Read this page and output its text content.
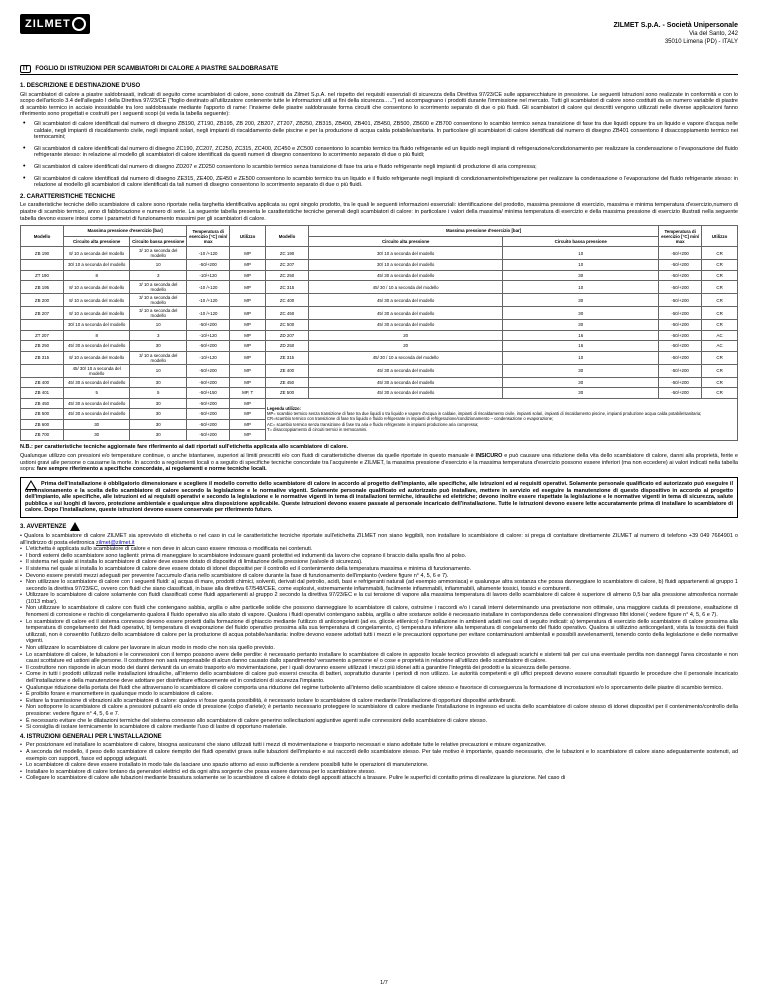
ZILMET	ZILMET S.p.A. - Società Unipersonale
Via del Santo, 242
35010 Limena (PD) - ITALY
IT	FOGLIO DI ISTRUZIONI PER SCAMBIATORI DI CALORE A PIASTRE SALDOBRASATE
1. DESCRIZIONE E DESTINAZIONE D'USO

Gli scambiatori di calore a piastre saldobrasati, indicati di seguito come scambiatori di calore, sono costruiti da Zilmet S.p.A. nel rispetto dei requisiti essenziali di sicurezza della Direttiva 97/23/CE sulle apparecchiature in pressione. Le seguenti istruzioni sono realizzate in conformità e con lo scopo dell'articolo 3.4 dell'allegato I della Direttiva 97/23/CE ("foglio destinato all'utilizzatore contenente tutte le informazioni utili ai fini della sicurezza…..") ed accompagnano i prodotti durante l'immissione nel mercato. Tutti gli scambiatori di calore sono costituiti da un numero variabile di piastre di scambio termico in acciaio inossidabile tra loro saldobrasate mediante l'apporto di rame: l'insieme delle piastre saldobrasate forma circuiti che consentono lo scorrimento separato di due o più fluidi. Gli scambiatori di calore qui descritti vengono utilizzati nelle diverse applicazioni fanno riferimento sono progettati e costruiti per i seguenti scopi (si veda la tabella seguente):

• Gli scambiatori di calore identificati dal numero di disegno ZB190, ZT190, ZB195, ZB 200, ZB207, ZT207, ZB250, ZB315, ZB400, ZB401, ZB450, ZB500, ZB600 e ZB700 consentono lo scambio termico senza transizione di fase tra due liquidi oppure tra un liquido e vapore d'acqua nelle caldaie, negli impianti di riscaldamento civile, negli impianti solari, negli impianti di riscaldamento delle piscine e per la produzione di acqua calda potabile/sanitaria. In particolare gli scambiatori di calore identificati dal numero di disegno ZB401 consentono il disaccoppiamento termico nei termocamini;
• Gli scambiatori di calore identificati dal numero di disegno ZC190, ZC207, ZC250, ZC315, ZC400, ZC450 e ZC500 consentono lo scambio termico tra fluido refrigerante ed un liquido negli impianti di refrigerazione/condizionamento per realizzare la condensazione o l'evaporazione del fluido refrigerante stesso: in relazione al modello gli scambiatori di calore identificati da questi numeri di disegno consentono lo scorrimento separato di due o più fluidi;
• Gli scambiatori di calore identificati dal numero di disegno ZD207 e ZD250 consentono lo scambio termico senza transizione di fase tra aria e fluido refrigerante negli impianti di produzione di aria compressa;
• Gli scambiatori di calore identificati dal numero di disegno ZE315, ZE400, ZE450 e ZE500 consentono lo scambio termico tra un liquido e il fluido refrigerante negli impianti di condizionamento/refrigerazione per realizzare la condensazione o l'evaporazione del fluido refrigerante stesso: in relazione al modello gli scambiatori di calore identificati da tali numeri di disegno consentono lo scorrimento separato di due o più fluidi.
2. CARATTERISTICHE TECNICHE

Le caratteristiche tecniche dello scambiatore di calore sono riportate nella targhetta identificativa applicata su ogni singolo prodotto, tra le quali le seguenti informazioni essenziali: identificazione del prodotto, massima pressione di esercizio, massima e minima temperatura d'esercizio,numero di piastre di scambio termico, anno di fabbricazione e numero di serie. La seguente tabella presenta le caratteristiche tecniche generali degli scambiatori di calore: in particolare i valori della massima/ minima temperatura di esercizio e della massima pressione di esercizio illustrati nella seguente tabella devono essere intesi come i parametri di funzionamento massimi per gli scambiatori di calore.

Modello	Massima pressione d'esercizio [bar]		Temperatura di esercizio [°C] min/ max	Utilizzo	Modello	Massima pressione d'esercizio [bar]		Temperatura di esercizio [°C] min/ max	Utilizzo
	Circuito alta pressione	Circuito bassa pressione				Circuito alta pressione	Circuito bassa pressione		
ZB 190	8/ 10 a seconda del modello	3/ 10 a seconda del modello	-10 /+120	MP	ZC 190	30/ 10 a seconda del modello	10	-50/+200	CR
	30/ 10 a seconda del modello	10	-50/+200	MP	ZC 207	30/ 10 a seconda del modello	10	-50/+200	CR
ZT 190	8	3	-10/+120	MP	ZC 250	45/ 30 a seconda del modello	30	-50/+200	CR
ZB 195	8/ 10 a seconda del modello	3/ 10 a seconda del modello	-10 /+120	MP	ZC 315	45/ 30 / 10 a seconda del modello	10	-50/+200	CR
ZB 200	8/ 10 a seconda del modello	3/ 10 a seconda del modello	-10 /+120	MP	ZC 400	45/ 30 a seconda del modello	30	-50/+200	CR
ZB 207	8/ 10 a seconda del modello	3/ 10 a seconda del modello	-10 /+120	MP	ZC 450	45/ 30 a seconda del modello	30	-50/+200	CR
	30/ 10 a seconda del modello	10	-50/+200	MP	ZC 500	45/ 30 a seconda del modello	30	-50/+200	CR
ZT 207	8	3	-10/+120	MP	ZD 207	20	16	-50/+200	AC
ZB 250	45/ 30 a seconda del modello	30	-50/+200	MP	ZD 250	20	16	-50/+200	AC
ZB 315	8/ 10 a seconda del modello	3/ 10 a seconda del modello	-10/+120	MP	ZE 315	45/ 30 / 10 a seconda del modello	10	-50/+200	CR
	45/ 30/ 10 a seconda del modello	10	-50/+200	MP	ZE 400	45/ 30 a seconda del modello	30	-50/+200	CR
ZB 400	45/ 30 a seconda del modello	30	-50/+200	MP	ZE 450	45/ 30 a seconda del modello	30	-50/+200	CR
ZB 401	5	5	-50/+150	MP, T	ZE 500	45/ 30 a seconda del modello	30	-50/+200	CR
ZB 450	45/ 30 a seconda del modello	30	-50/+200	MP	Legenda utilizzo:
MP= scambio termico senza transizione di fase tra due liquidi o tra liquido e vapore d'acqua in caldaie, impianti di riscaldamento civile, impianti solari, impianti di riscaldamento piscine, impianti produzione acqua calda potabile/sanitaria;
CR=scambio termico con transizione di fase tra liquido e fluido refrigerante in impianti di refrigerazione/condizionamento – condensazione o evaporazione;
AC= scambio termico senza transizione di fase tra aria e fluido refrigerante in impianti produzione aria compressa;
T= disaccoppiamento di circuiti termici in termocamini.				

ZB 500	45/ 30 a seconda del modello	30	-50/+200	MP					
ZB 600	30	30	-50/+200	MP					
ZB 700	30	30	-50/+200	MP					

N.B.: per caratteristiche tecniche aggiornate fare riferimento ai dati riportati sull'etichetta applicata allo scambiatore di calore.

Qualunque utilizzo con pressioni e/o temperature continue, o anche istantanee, superiori ai limiti prescritti e/o con fluidi di caratteristiche diverse da quelle riportate in questo manuale è INSICURO e può causare una riduzione della vita dello scambiatore di calore, danni alla proprietà, ferite e ustioni gravi alle persone o causarne la morte. In accordo a regolamenti locali o a seguito di specifiche tecniche concordate tra l'acquirente e ZILMET, la massima pressione d'esercizio e la massima temperatura d'esercizio possono essere inferiori (ma non eccedere) ai valori indicati nella tabella sopra: fare sempre riferimento a specifiche concordate, ai regolamenti e norme tecniche locali.

Prima dell'installazione è obbligatorio dimensionare e scegliere il modello corretto dello scambiatore di calore in accordo al progetto dell'impianto, alle specifiche, alle istruzioni ed ai requisiti operativi. Solamente personale qualificato ed autorizzato può eseguire il dimensionamento e la scelta dello scambiatore di calore secondo la legislazione e le normative vigenti. Solamente personale qualificato ed autorizzato può installare, mettere in servizio ed eseguire la manutenzione di questo dispositivo in accordo al progetto dell'impianto, alle specifiche, alle istruzioni ed ai requisiti operativi e secondo la legislazione e le normative vigenti in tema di installazioni termiche, idrauliche ed elettriche; devono inoltre essere rispettate la legislazione e le normative vigenti in tema di sicurezza, salute pubblica e sui luoghi di lavoro, protezione ambientale e qualunque altra disposizione applicabile. Queste istruzioni devono essere passate al personale incaricato dell'installazione. Tutte le istruzioni devono essere lette accuratamente prima di installare lo scambiatore di calore. Dopo l'installazione, queste istruzioni devono essere conservate per riferimento futuro.
3. AVVERTENZE

• Qualora lo scambiatore di calore ZILMET sia sprovvisto di etichetta o nel caso in cui le caratteristiche tecniche riportate sull'etichetta ZILMET non siano leggibili, non installare lo scambiatore di calore: si prega di contattare direttamente ZILMET al numero di telefono +39 049 7664901 o all'indirizzo di posta elettronica zilmet@zilmet.it

• L'etichetta è applicata sullo scambiatore di calore e non deve in alcun caso essere rimossa o modificata nei contenuti.
• I bordi esterni dello scambiatore sono taglienti: prima di maneggiare lo scambiatore indossare guanti protettivi ed indumenti da lavoro che coprano il braccio dalla spalla fino al polso.
• Il sistema nel quale si installa lo scambiatore di calore deve essere dotato di dispositivi di limitazione della pressione (valvole di sicurezza).
• Il sistema nel quale si installa lo scambiatore di calore deve essere dotato di idonei dispositivi per il controllo ed il contenimento della temperatura massima e minima di funzionamento.
• Devono essere previsti mezzi adeguati per prevenire l'accumulo d'aria nello scambiatore di calore durante la fase di funzionamento dell'impianto (vedere figure n° 4, 5, 6 e 7).
• Non utilizzare lo scambiatore di calore con i seguenti fluidi: a) acqua di mare, prodotti chimici, solventi, derivati dal petrolio, acidi, basi e refrigeranti naturali (ad esempio ammoniaca) e qualunque altra sostanza che possa danneggiare lo scambiatore di calore, b) fluidi appartenenti al gruppo 1 secondo la direttiva 97/23/EC, ovvero con fluidi che siano classificati, in base alla direttiva 67/548/CEE, come esplosivi, estremamente infiammabili, facilmente infiammabili, infiammabili, altamente tossici, tossici e comburenti.
• Utilizzare lo scambiatore di calore solamente con fluidi classificati come fluidi appartenenti al gruppo 2 secondo la direttiva 97/23/EC e la cui tensione di vapore alla massima temperatura di lavoro dello scambiatore di calore è superiore di almeno 0,5 bar alla pressione atmosferica normale (1013 mbar).
• Non utilizzare lo scambiatore di calore con fluidi che contengano sabbia, argilla o altre particelle solide che possono danneggiare lo scambiatore di calore, ostruirne i raccordi e/o i canali interni determinando una prestazione non ottimale, una maggiore caduta di pressione, esaltazione di fenomeni di corrosione e rischio di congelamento qualora il fluido operativo sia allo stato di vapore. Qualora i fluidi operativi contengano sabbia, argilla o altre sostanze solide è necessario installare in corrispondenza delle connessioni d'ingresso filtri idonei ( vedere figure n° 4, 5, 6 e 7).
• Lo scambiatore di calore ed il sistema connesso devono essere protetti dalla formazione di ghiaccio mediante l'utilizzo di anticongelanti (ad es. glicole etilenico) o l'installazione in ambienti adatti nei casi di seguito indicati: a) temperatura di esercizio dello scambiatore di calore prossima alla temperatura di congelamento dei fluidi operativi, b) temperatura di evaporazione del fluido operativo prossima alla sua temperatura di congelamento, c) temperatura inferiore alla temperatura di congelamento del fluido operativo. Qualora si utilizzino anticongelanti, vista la tossicità dei fluidi utilizzati, non è consentito l'utilizzo dello scambiatore di calore per la produzione di acqua potabile/sanitaria: inoltre devono essere adottati tutti i mezzi e le precauzioni opportune per evitare contaminazioni ambientali e possibili avvelenamenti, tenendo conto della legislazione e delle normative vigenti.
• Non utilizzare lo scambiatore di calore per lavorare in alcun modo in modo che non sia quello previsto.
• Lo scambiatore di calore, le tubazioni e le connessioni con il tempo possono avere delle perdite: è necessario pertanto installare lo scambiatore di calore in apposito locale tecnico provvisto di adeguati scarichi e sistemi tali per cui una eventuale perdita non danneggi l'area circostante e non causi scottature ed ustioni alle persone. Il costruttore non sarà responsabile di alcun danno causato dallo spandimento/ versamento a persone e/ o cose e proprietà in relazione all'utilizzo dello scambiatore di calore.
• Il costruttore non risponde in alcun modo dei danni derivanti da un errato trasporto e/o movimentazione, per i quali dovranno essere utilizzati i mezzi più idonei atti a garantire l'integrità dei prodotti e la sicurezza delle persone.
• Come in tutti i prodotti utilizzati nelle installazioni idrauliche, all'interno dello scambiatore di calore può essersi crescita di batteri, soprattutto durante i periodi di non utilizzo. Le autorità competenti e gli uffici preposti devono essere consultati riguardo le procedure che il personale incaricato dell'installazione e della manutenzione deve adottare per disinfettare efficacemente ed in condizioni di sicurezza l'impianto.
• Qualunque riduzione della portata dei fluidi che attraversano lo scambiatore di calore comporta una riduzione del regime turbolento all'interno dello scambiatore di calore stesso e favorisce di conseguenza la formazione di incrostazioni e/o lo sporcamento delle piastre di scambio termico.
• È proibito forare e manomettere in qualunque modo lo scambiatore di calore.
• Evitare la trasmissione di vibrazioni allo scambiatore di calore: qualora vi fosse questa possibilità, è necessario isolare lo scambiatore di calore mediante l'installazione di opportuni dispositivi antivibranti.
• Non sottoporre lo scambiatore di calore a pressioni pulsanti e/o onde di pressione (colpo d'ariete); è pertanto necessario proteggere lo scambiatore di calore mediante l'installazione in ingresso ed uscita dello scambiatore di calore stesso di idonei dispositivi per il contenimento/controllo della pressione: vedere figure n° 4, 5, 6 e 7.
• È necessario evitare che le dilatazioni termiche del sistema connesso allo scambiatore di calore generino sollecitazioni aggiuntive agenti sulle connessioni dello scambiatore di calore stesso.
• Si consiglia di isolare termicamente lo scambiatore di calore mediante l'uso di lastre di opportuno materiale.
4. ISTRUZIONI GENERALI PER L'INSTALLAZIONE
• Per posizionare ed installare lo scambiatore di calore, bisogna assicurarsi che siano utilizzati tutti i mezzi di movimentazione e trasporto necessari e siano adottate tutte le relative precauzioni e misure organizzative.
• A seconda del modello, il peso dello scambiatore di calore riempito dei fluidi operativi grava sulle tubazioni dell'impianto e sui raccordi dello scambiatore stesso. Per tale motivo è importante, quando necessario, che le tubazioni e lo scambiatore di calore siano adeguatamente sostenuti, ad esempio con supporti, fasce ed appoggi adeguati.
• Lo scambiatore di calore deve essere installato in modo tale da lasciare uno spazio attorno ad esso sufficiente a rendere possibili tutte le operazioni di manutenzione.
• Installare lo scambiatore di calore lontano da generatori elettrici ed da ogni altra sorgente che possa essere dannosa per lo scambiatore stesso.
• Collegare lo scambiatore di calore alle tubazioni mediante brasatura solamente se lo scambiatore di calore è dotato degli appositi attacchi a brasare. Pulire le superfici di contatto prima di realizzare la giunzione. Nel caso di
1/7
